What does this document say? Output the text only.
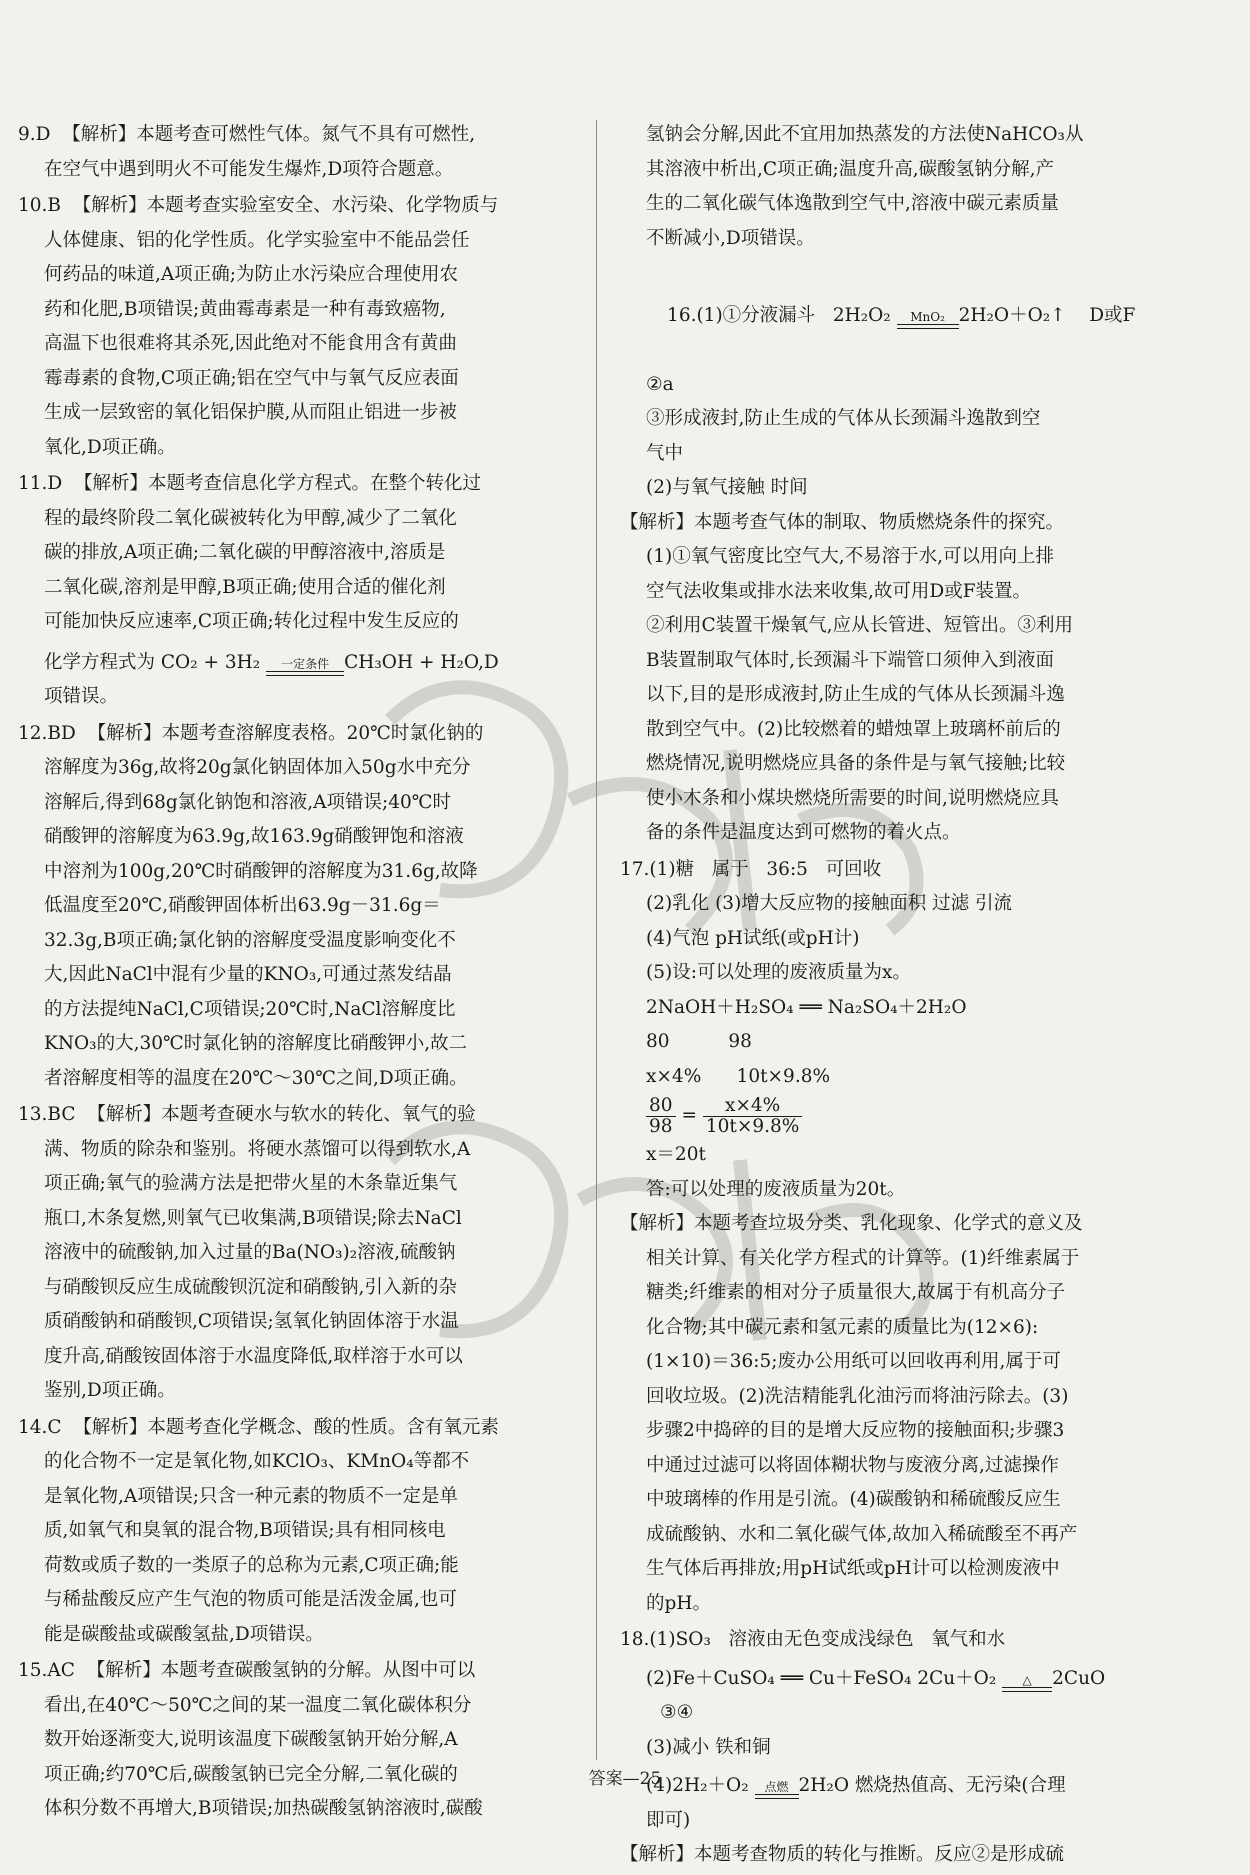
9.D  【解析】本题考查可燃性气体。氮气不具有可燃性,
在空气中遇到明火不可能发生爆炸,D项符合题意。
10.B  【解析】本题考查实验室安全、水污染、化学物质与
人体健康、铝的化学性质。化学实验室中不能品尝任
何药品的味道,A项正确;为防止水污染应合理使用农
药和化肥,B项错误;黄曲霉毒素是一种有毒致癌物,
高温下也很难将其杀死,因此绝对不能食用含有黄曲
霉毒素的食物,C项正确;铝在空气中与氧气反应表面
生成一层致密的氧化铝保护膜,从而阻止铝进一步被
氧化,D项正确。
11.D  【解析】本题考查信息化学方程式。在整个转化过
程的最终阶段二氧化碳被转化为甲醇,减少了二氧化
碳的排放,A项正确;二氧化碳的甲醇溶液中,溶质是
二氧化碳,溶剂是甲醇,B项正确;使用合适的催化剂
可能加快反应速率,C项正确;转化过程中发生反应的
化学方程式为 CO₂ + 3H₂	一定条件 CH₃OH + H₂O,D
项错误。
12.BD  【解析】本题考查溶解度表格。20℃时氯化钠的
溶解度为36g,故将20g氯化钠固体加入50g水中充分
溶解后,得到68g氯化钠饱和溶液,A项错误;40℃时
硝酸钾的溶解度为63.9g,故163.9g硝酸钾饱和溶液
中溶剂为100g,20℃时硝酸钾的溶解度为31.6g,故降
低温度至20℃,硝酸钾固体析出63.9g－31.6g＝
32.3g,B项正确;氯化钠的溶解度受温度影响变化不
大,因此NaCl中混有少量的KNO₃,可通过蒸发结晶
的方法提纯NaCl,C项错误;20℃时,NaCl溶解度比
KNO₃的大,30℃时氯化钠的溶解度比硝酸钾小,故二
者溶解度相等的温度在20℃～30℃之间,D项正确。
13.BC  【解析】本题考查硬水与软水的转化、氧气的验
满、物质的除杂和鉴别。将硬水蒸馏可以得到软水,A
项正确;氧气的验满方法是把带火星的木条靠近集气
瓶口,木条复燃,则氧气已收集满,B项错误;除去NaCl
溶液中的硫酸钠,加入过量的Ba(NO₃)₂溶液,硫酸钠
与硝酸钡反应生成硫酸钡沉淀和硝酸钠,引入新的杂
质硝酸钠和硝酸钡,C项错误;氢氧化钠固体溶于水温
度升高,硝酸铵固体溶于水温度降低,取样溶于水可以
鉴别,D项正确。
14.C  【解析】本题考查化学概念、酸的性质。含有氧元素
的化合物不一定是氧化物,如KClO₃、KMnO₄等都不
是氧化物,A项错误;只含一种元素的物质不一定是单
质,如氧气和臭氧的混合物,B项错误;具有相同核电
荷数或质子数的一类原子的总称为元素,C项正确;能
与稀盐酸反应产生气泡的物质可能是活泼金属,也可
能是碳酸盐或碳酸氢盐,D项错误。
15.AC  【解析】本题考查碳酸氢钠的分解。从图中可以
看出,在40℃～50℃之间的某一温度二氧化碳体积分
数开始逐渐变大,说明该温度下碳酸氢钠开始分解,A
项正确;约70℃后,碳酸氢钠已完全分解,二氧化碳的
体积分数不再增大,B项错误;加热碳酸氢钠溶液时,碳酸
氢钠会分解,因此不宜用加热蒸发的方法使NaHCO₃从
其溶液中析出,C项正确;温度升高,碳酸氢钠分解,产
生的二氧化碳气体逸散到空气中,溶液中碳元素质量
不断减小,D项错误。

16.(1)①分液漏斗   2H₂O₂	MnO₂ 2H₂O＋O₂↑    D或F

②a
③形成液封,防止生成的气体从长颈漏斗逸散到空
气中
(2)与氧气接触 时间
【解析】本题考查气体的制取、物质燃烧条件的探究。
(1)①氧气密度比空气大,不易溶于水,可以用向上排
空气法收集或排水法来收集,故可用D或F装置。
②利用C装置干燥氧气,应从长管进、短管出。③利用
B装置制取气体时,长颈漏斗下端管口须伸入到液面
以下,目的是形成液封,防止生成的气体从长颈漏斗逸
散到空气中。(2)比较燃着的蜡烛罩上玻璃杯前后的
燃烧情况,说明燃烧应具备的条件是与氧气接触;比较
使小木条和小煤块燃烧所需要的时间,说明燃烧应具
备的条件是温度达到可燃物的着火点。
17.(1)糖   属于   36:5   可回收
(2)乳化 (3)增大反应物的接触面积 过滤 引流
(4)气泡 pH试纸(或pH计)
(5)设:可以处理的废液质量为x。
2NaOH＋H₂SO₄ ══ Na₂SO₄＋2H₂O
80          98
x×4%      10t×9.8%
$\frac{80}{98} = \frac{x\times 4\%}{10t\times 9.8\%}$
x＝20t
答:可以处理的废液质量为20t。
【解析】本题考查垃圾分类、乳化现象、化学式的意义及
相关计算、有关化学方程式的计算等。(1)纤维素属于
糖类;纤维素的相对分子质量很大,故属于有机高分子
化合物;其中碳元素和氢元素的质量比为(12×6):
(1×10)＝36:5;废办公用纸可以回收再利用,属于可
回收垃圾。(2)洗洁精能乳化油污而将油污除去。(3)
步骤2中捣碎的目的是增大反应物的接触面积;步骤3
中通过过滤可以将固体糊状物与废液分离,过滤操作
中玻璃棒的作用是引流。(4)碳酸钠和稀硫酸反应生
成硫酸钠、水和二氧化碳气体,故加入稀硫酸至不再产
生气体后再排放;用pH试纸或pH计可以检测废液中
的pH。
18.(1)SO₃   溶液由无色变成浅绿色   氧气和水
(2)Fe＋CuSO₄ ══ Cu＋FeSO₄ 2Cu＋O₂	△	2CuO
③④
(3)减小 铁和铜
(4)2H₂＋O₂ 点燃 2H₂O 燃烧热值高、无污染(合理
即可)
【解析】本题考查物质的转化与推断。反应②是形成硫
答案—25
